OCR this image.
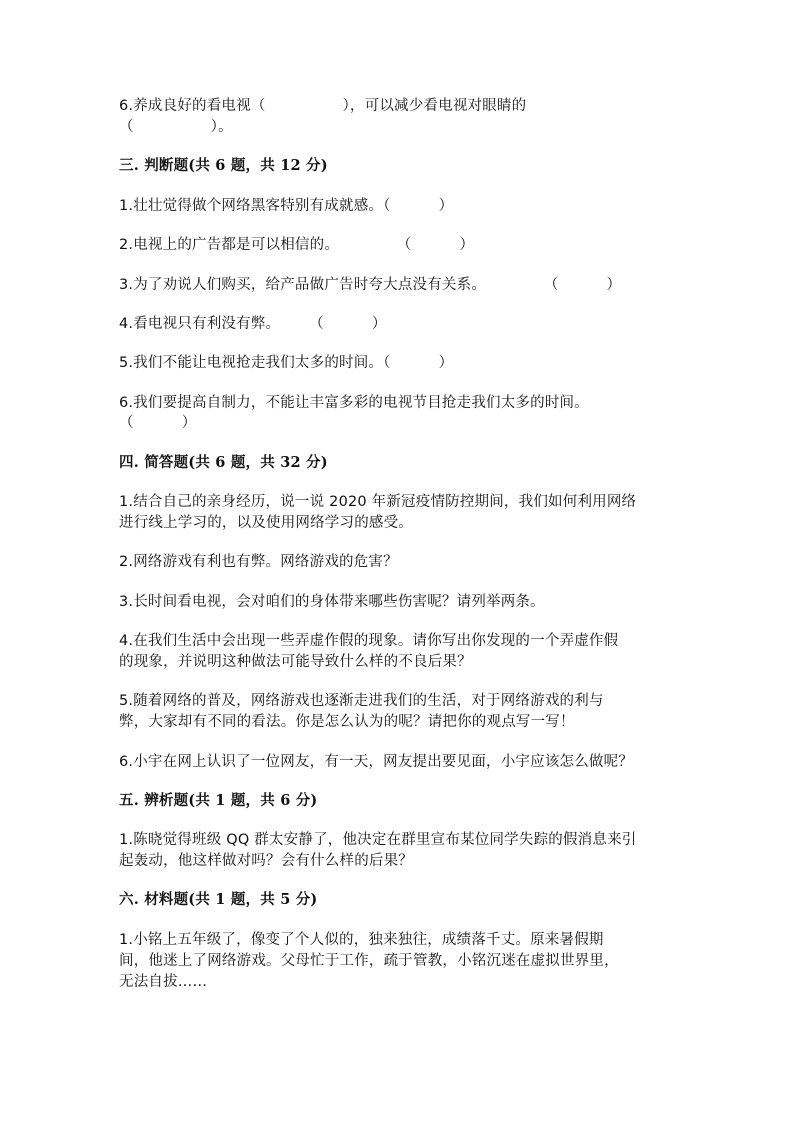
6.养成良好的看电视（                ），可以减少看电视对眼睛的
（                ）。
三. 判断题(共 6 题，共 12 分)
1.壮壮觉得做个网络黑客特别有成就感。（          ）
2.电视上的广告都是可以相信的。            （          ）
3.为了劝说人们购买，给产品做广告时夸大点没有关系。            （          ）
4.看电视只有利没有弊。      （          ）
5.我们不能让电视抢走我们太多的时间。（          ）
6.我们要提高自制力，不能让丰富多彩的电视节目抢走我们太多的时间。
（          ）
四. 简答题(共 6 题，共 32 分)
1.结合自己的亲身经历，说一说 2020 年新冠疫情防控期间，我们如何利用网络
进行线上学习的，以及使用网络学习的感受。
2.网络游戏有利也有弊。网络游戏的危害？
3.长时间看电视，会对咱们的身体带来哪些伤害呢？请列举两条。
4.在我们生活中会出现一些弄虚作假的现象。请你写出你发现的一个弄虚作假
的现象，并说明这种做法可能导致什么样的不良后果？
5.随着网络的普及，网络游戏也逐渐走进我们的生活，对于网络游戏的利与
弊，大家却有不同的看法。你是怎么认为的呢？请把你的观点写一写！
6.小宇在网上认识了一位网友，有一天，网友提出要见面，小宇应该怎么做呢？
五. 辨析题(共 1 题，共 6 分)
1.陈晓觉得班级 QQ 群太安静了，他决定在群里宣布某位同学失踪的假消息来引
起轰动，他这样做对吗？会有什么样的后果？
六. 材料题(共 1 题，共 5 分)
1.小铭上五年级了，像变了个人似的，独来独往，成绩落千丈。原来暑假期
间，他迷上了网络游戏。父母忙于工作，疏于管教，小铭沉迷在虚拟世界里，
无法自拔……
